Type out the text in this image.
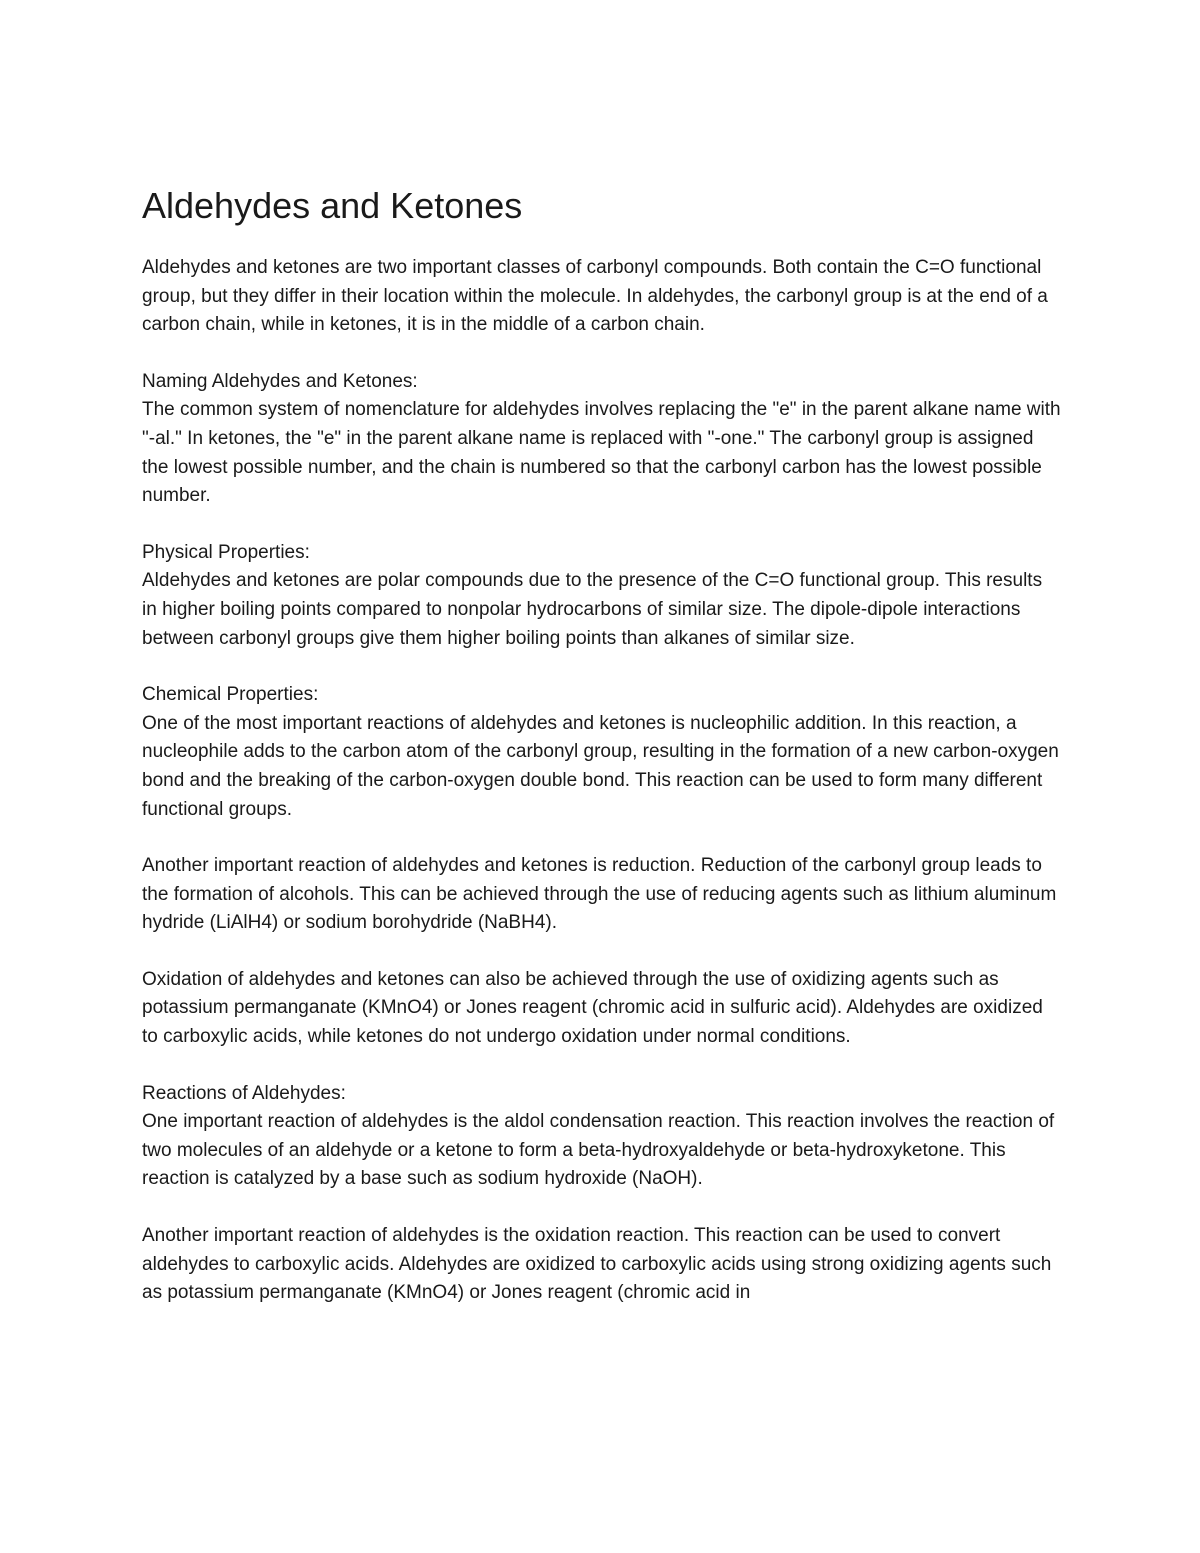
Aldehydes and Ketones

Aldehydes and ketones are two important classes of carbonyl compounds. Both contain the C=O functional group, but they differ in their location within the molecule. In aldehydes, the carbonyl group is at the end of a carbon chain, while in ketones, it is in the middle of a carbon chain.

Naming Aldehydes and Ketones:

The common system of nomenclature for aldehydes involves replacing the "e" in the parent alkane name with "-al." In ketones, the "e" in the parent alkane name is replaced with "-one." The carbonyl group is assigned the lowest possible number, and the chain is numbered so that the carbonyl carbon has the lowest possible number.

Physical Properties:

Aldehydes and ketones are polar compounds due to the presence of the C=O functional group. This results in higher boiling points compared to nonpolar hydrocarbons of similar size. The dipole-dipole interactions between carbonyl groups give them higher boiling points than alkanes of similar size.

Chemical Properties:

One of the most important reactions of aldehydes and ketones is nucleophilic addition. In this reaction, a nucleophile adds to the carbon atom of the carbonyl group, resulting in the formation of a new carbon-oxygen bond and the breaking of the carbon-oxygen double bond. This reaction can be used to form many different functional groups.

Another important reaction of aldehydes and ketones is reduction. Reduction of the carbonyl group leads to the formation of alcohols. This can be achieved through the use of reducing agents such as lithium aluminum hydride (LiAlH4) or sodium borohydride (NaBH4).

Oxidation of aldehydes and ketones can also be achieved through the use of oxidizing agents such as potassium permanganate (KMnO4) or Jones reagent (chromic acid in sulfuric acid). Aldehydes are oxidized to carboxylic acids, while ketones do not undergo oxidation under normal conditions.

Reactions of Aldehydes:

One important reaction of aldehydes is the aldol condensation reaction. This reaction involves the reaction of two molecules of an aldehyde or a ketone to form a beta-hydroxyaldehyde or beta-hydroxyketone. This reaction is catalyzed by a base such as sodium hydroxide (NaOH).

Another important reaction of aldehydes is the oxidation reaction. This reaction can be used to convert aldehydes to carboxylic acids. Aldehydes are oxidized to carboxylic acids using strong oxidizing agents such as potassium permanganate (KMnO4) or Jones reagent (chromic acid in
